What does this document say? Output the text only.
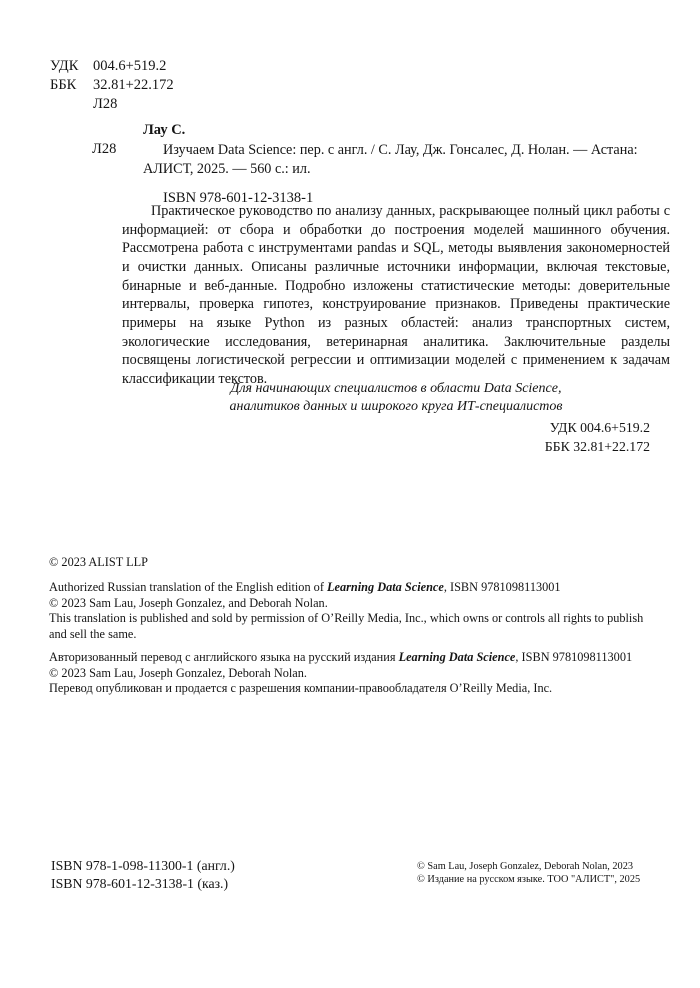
УДК 004.6+519.2
ББК 32.81+22.172
Л28
Лау С.
Л28	Изучаем Data Science: пер. с англ. / С. Лау, Дж. Гонсалес, Д. Нолан. — Астана: АЛИСТ, 2025. — 560 с.: ил.

ISBN 978-601-12-3138-1

Практическое руководство по анализу данных, раскрывающее полный цикл работы с информацией: от сбора и обработки до построения моделей машинного обучения. Рассмотрена работа с инструментами pandas и SQL, методы выявления закономерностей и очистки данных. Описаны различные источники информации, включая текстовые, бинарные и веб-данные. Подробно изложены статистические методы: доверительные интервалы, проверка гипотез, конструирование признаков. Приведены практические примеры на языке Python из разных областей: анализ транспортных систем, экологические исследования, ветеринарная аналитика. Заключительные разделы посвящены логистической регрессии и оптимизации моделей с применением к задачам классификации текстов.

Для начинающих специалистов в области Data Science,
аналитиков данных и широкого круга ИТ-специалистов
УДК 004.6+519.2
ББК 32.81+22.172
© 2023 ALIST LLP

Authorized Russian translation of the English edition of Learning Data Science, ISBN 9781098113001

© 2023 Sam Lau, Joseph Gonzalez, and Deborah Nolan.

This translation is published and sold by permission of O’Reilly Media, Inc., which owns or controls all rights to publish and sell the same.

Авторизованный перевод с английского языка на русский издания Learning Data Science, ISBN 9781098113001

© 2023 Sam Lau, Joseph Gonzalez, Deborah Nolan.

Перевод опубликован и продается с разрешения компании-правообладателя O’Reilly Media, Inc.

ISBN 978-1-098-11300-1 (англ.)
ISBN 978-601-12-3138-1 (каз.)
© Sam Lau, Joseph Gonzalez, Deborah Nolan, 2023
© Издание на русском языке. ТОО "АЛИСТ", 2025
